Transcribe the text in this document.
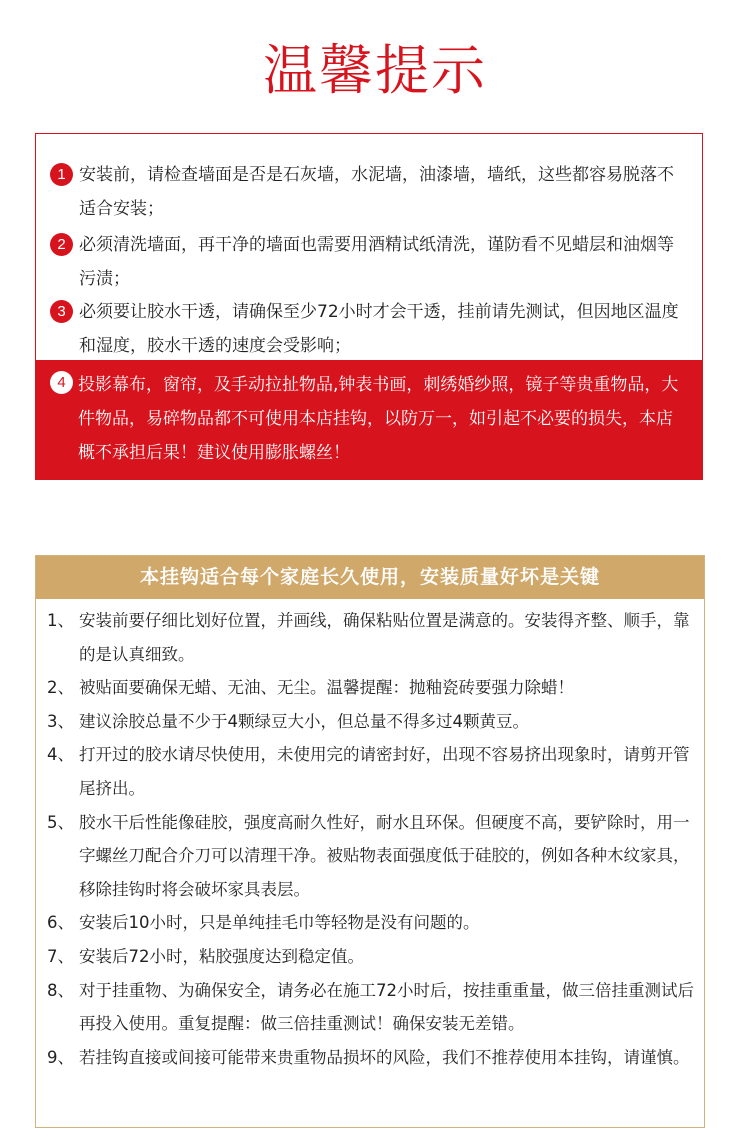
温馨提示
1 安装前，请检查墙面是否是石灰墙，水泥墙，油漆墙，墙纸，这些都容易脱落不适合安装；
2 必须清洗墙面，再干净的墙面也需要用酒精试纸清洗，谨防看不见蜡层和油烟等污渍；
3 必须要让胶水干透，请确保至少72小时才会干透，挂前请先测试，但因地区温度和湿度，胶水干透的速度会受影响；
4 投影幕布，窗帘，及手动拉扯物品,钟表书画，刺绣婚纱照，镜子等贵重物品，大件物品，易碎物品都不可使用本店挂钩，以防万一，如引起不必要的损失，本店概不承担后果！建议使用膨胀螺丝！
本挂钩适合每个家庭长久使用，安装质量好坏是关键
1、 安装前要仔细比划好位置，并画线，确保粘贴位置是满意的。安装得齐整、顺手，靠的是认真细致。
2、 被贴面要确保无蜡、无油、无尘。温馨提醒：抛釉瓷砖要强力除蜡！
3、 建议涂胶总量不少于4颗绿豆大小，但总量不得多过4颗黄豆。
4、 打开过的胶水请尽快使用，未使用完的请密封好，出现不容易挤出现象时，请剪开管尾挤出。
5、 胶水干后性能像硅胶，强度高耐久性好，耐水且环保。但硬度不高，要铲除时，用一字螺丝刀配合介刀可以清理干净。被贴物表面强度低于硅胶的，例如各种木纹家具，移除挂钩时将会破坏家具表层。
6、 安装后10小时，只是单纯挂毛巾等轻物是没有问题的。
7、 安装后72小时，粘胶强度达到稳定值。
8、 对于挂重物、为确保安全，请务必在施工72小时后，按挂重重量，做三倍挂重测试后再投入使用。重复提醒：做三倍挂重测试！确保安装无差错。
9、 若挂钩直接或间接可能带来贵重物品损坏的风险，我们不推荐使用本挂钩，请谨慎。
